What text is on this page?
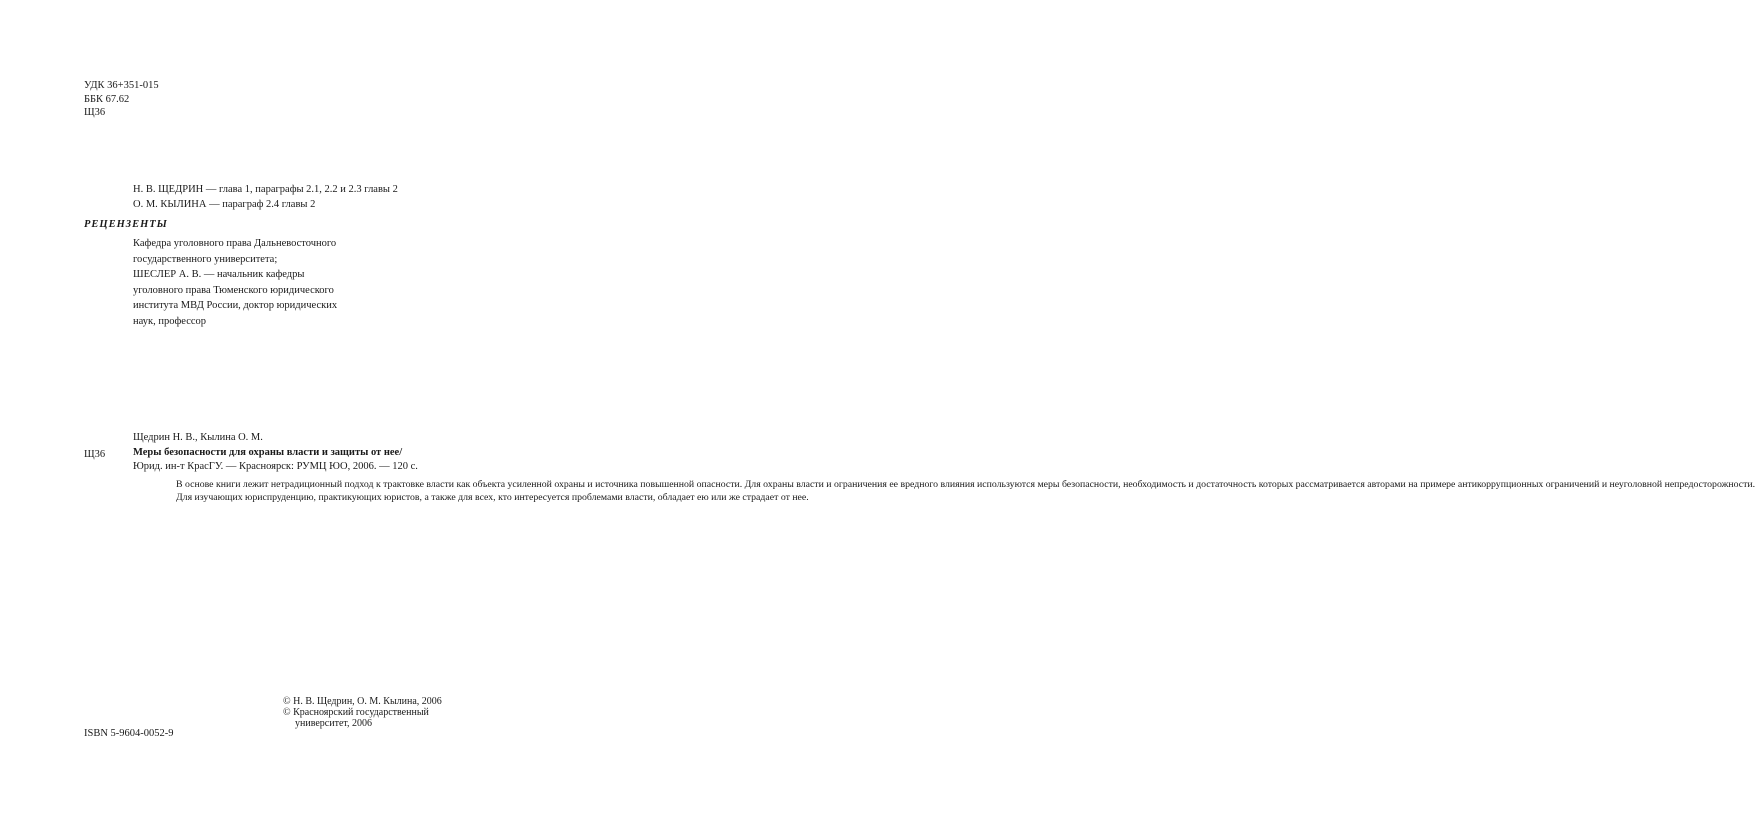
УДК 36+351-015
ББК 67.62
Щ36
Н. В. ЩЕДРИН — глава 1, параграфы 2.1, 2.2 и 2.3 главы 2
О. М. КЫЛИНА — параграф 2.4 главы 2
РЕЦЕНЗЕНТЫ
Кафедра уголовного права Дальневосточного
государственного университета;
ШЕСЛЕР А. В. — начальник кафедры
уголовного права Тюменского юридического
института МВД России, доктор юридических
наук, профессор
Щ36
Щедрин Н. В., Кылина О. М.
Меры безопасности для охраны власти и защиты от нее/
Юрид. ин-т КрасГУ. — Красноярск: РУМЦ ЮО, 2006. — 120 с.

В основе книги лежит нетрадиционный подход к трактовке власти как объекта усиленной охраны и источника повышенной опасности. Для охраны власти и ограничения ее вредного влияния используются меры безопасности, необходимость и достаточность которых рассматривается авторами на примере антикоррупционных ограничений и неуголовной непредосторожности.

Для изучающих юриспруденцию, практикующих юристов, а также для всех, кто интересуется проблемами власти, обладает ею или же страдает от нее.

© Н. В. Щедрин, О. М. Кылина, 2006
© Красноярский государственный
университет, 2006
ISBN 5-9604-0052-9
